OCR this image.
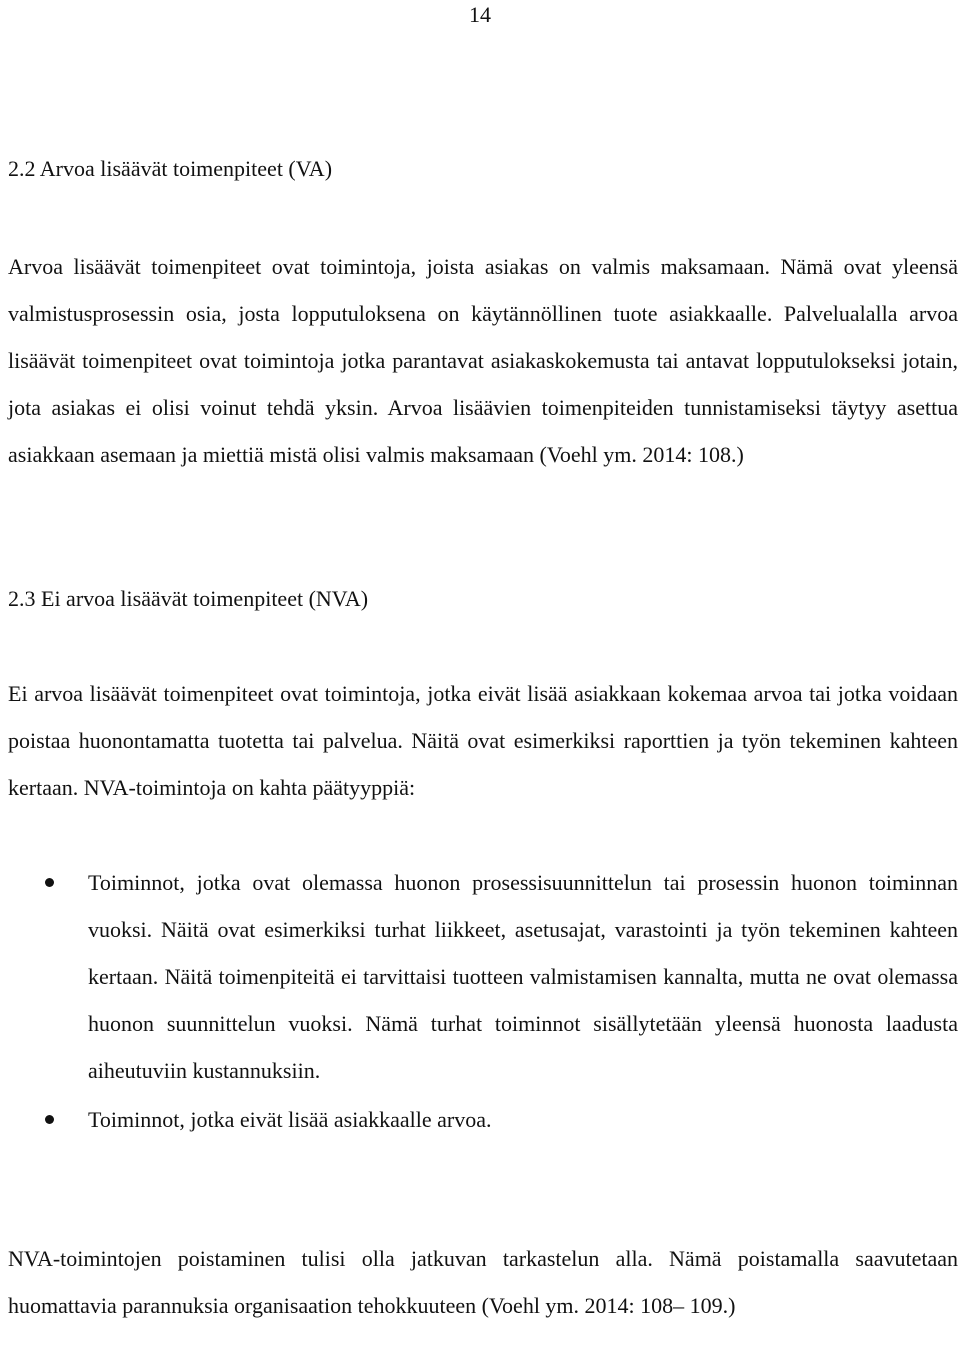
14
2.2 Arvoa lisäävät toimenpiteet (VA)

Arvoa lisäävät toimenpiteet ovat toimintoja, joista asiakas on valmis maksamaan. Nämä ovat yleensä valmistusprosessin osia, josta lopputuloksena on käytännöllinen tuote asiakkaalle. Palvelualalla arvoa lisäävät toimenpiteet ovat toimintoja jotka parantavat asiakaskokemusta tai antavat lopputulokseksi jotain, jota asiakas ei olisi voinut tehdä yksin. Arvoa lisäävien toimenpiteiden tunnistamiseksi täytyy asettua asiakkaan asemaan ja miettiä mistä olisi valmis maksamaan (Voehl ym. 2014: 108.)

2.3 Ei arvoa lisäävät toimenpiteet (NVA)

Ei arvoa lisäävät toimenpiteet ovat toimintoja, jotka eivät lisää asiakkaan kokemaa arvoa tai jotka voidaan poistaa huonontamatta tuotetta tai palvelua. Näitä ovat esimerkiksi raporttien ja työn tekeminen kahteen kertaan. NVA-toimintoja on kahta päätyyppiä:

Toiminnot, jotka ovat olemassa huonon prosessisuunnittelun tai prosessin huonon toiminnan vuoksi. Näitä ovat esimerkiksi turhat liikkeet, asetusajat, varastointi ja työn tekeminen kahteen kertaan. Näitä toimenpiteitä ei tarvittaisi tuotteen valmistamisen kannalta, mutta ne ovat olemassa huonon suunnittelun vuoksi. Nämä turhat toiminnot sisällytetään yleensä huonosta laadusta aiheutuviin kustannuksiin.
Toiminnot, jotka eivät lisää asiakkaalle arvoa.

NVA-toimintojen poistaminen tulisi olla jatkuvan tarkastelun alla. Nämä poistamalla saavutetaan huomattavia parannuksia organisaation tehokkuuteen (Voehl ym. 2014: 108– 109.)
